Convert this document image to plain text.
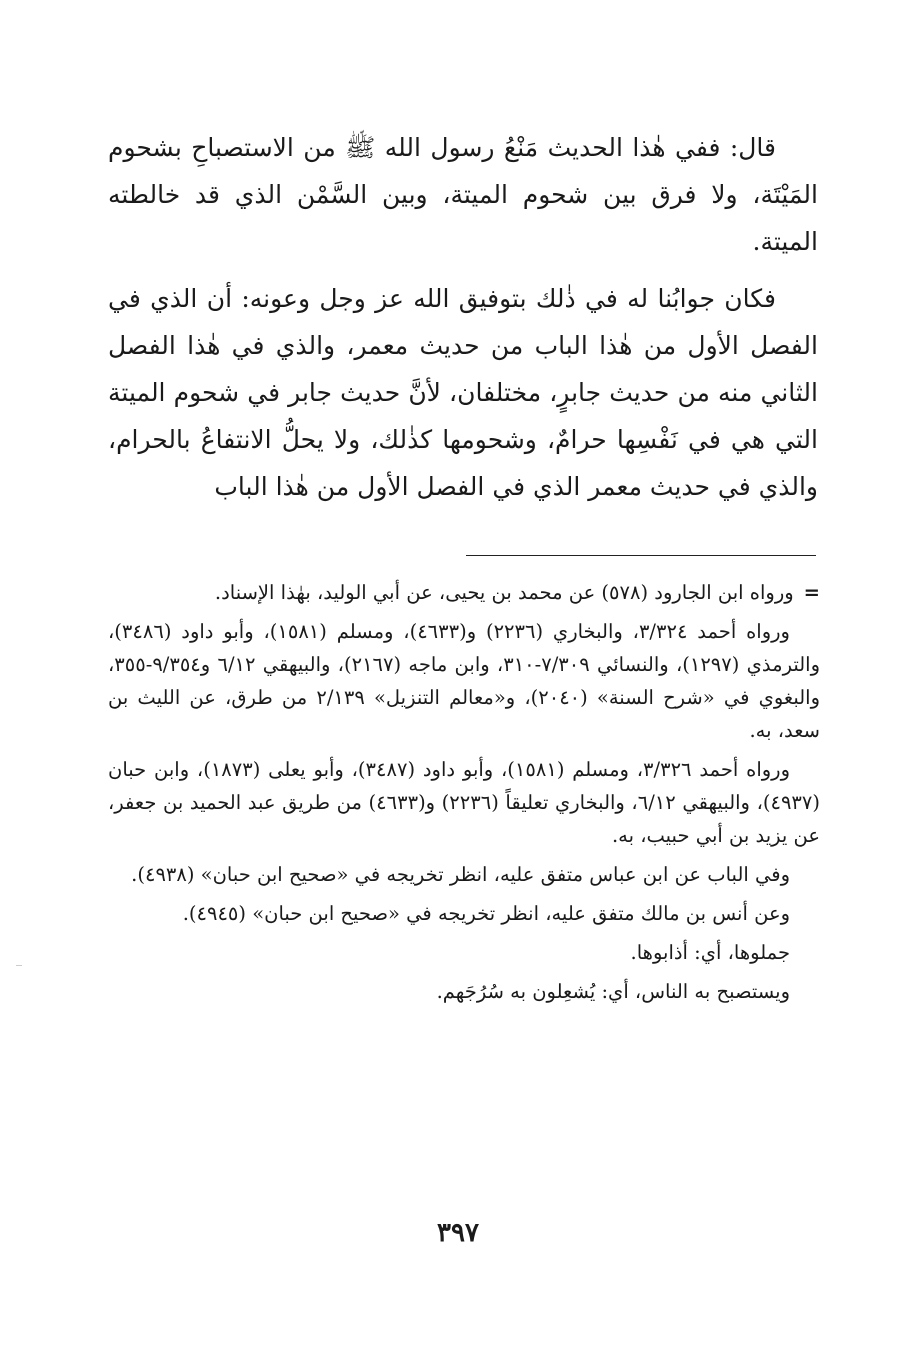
قال: ففي هٰذا الحديث مَنْعُ رسول الله ﷺ من الاستصباحِ بشحوم المَيْتَة، ولا فرق بين شحوم الميتة، وبين السَّمْن الذي قد خالطته الميتة.

فكان جوابُنا له في ذٰلك بتوفيق الله عز وجل وعونه: أن الذي في الفصل الأول من هٰذا الباب من حديث معمر، والذي في هٰذا الفصل الثاني منه من حديث جابرٍ، مختلفان، لأنَّ حديث جابر في شحوم الميتة التي هي في نَفْسِها حرامٌ، وشحومها كذٰلك، ولا يحلُّ الانتفاعُ بالحرام، والذي في حديث معمر الذي في الفصل الأول من هٰذا الباب

=ورواه ابن الجارود (٥٧٨) عن محمد بن يحيى، عن أبي الوليد، بهٰذا الإسناد.

ورواه أحمد ٣/٣٢٤، والبخاري (٢٢٣٦) و(٤٦٣٣)، ومسلم (١٥٨١)، وأبو داود (٣٤٨٦)، والترمذي (١٢٩٧)، والنسائي ٧/٣٠٩-٣١٠، وابن ماجه (٢١٦٧)، والبيهقي ٦/١٢ و٩/٣٥٤-٣٥٥، والبغوي في «شرح السنة» (٢٠٤٠)، و«معالم التنزيل» ٢/١٣٩ من طرق، عن الليث بن سعد، به.

ورواه أحمد ٣/٣٢٦، ومسلم (١٥٨١)، وأبو داود (٣٤٨٧)، وأبو يعلى (١٨٧٣)، وابن حبان (٤٩٣٧)، والبيهقي ٦/١٢، والبخاري تعليقاً (٢٢٣٦) و(٤٦٣٣) من طريق عبد الحميد بن جعفر، عن يزيد بن أبي حبيب، به.

وفي الباب عن ابن عباس متفق عليه، انظر تخريجه في «صحيح ابن حبان» (٤٩٣٨).

وعن أنس بن مالك متفق عليه، انظر تخريجه في «صحيح ابن حبان» (٤٩٤٥).

جملوها، أي: أذابوها.

ويستصبح به الناس، أي: يُشعِلون به سُرُجَهم.

٣٩٧
